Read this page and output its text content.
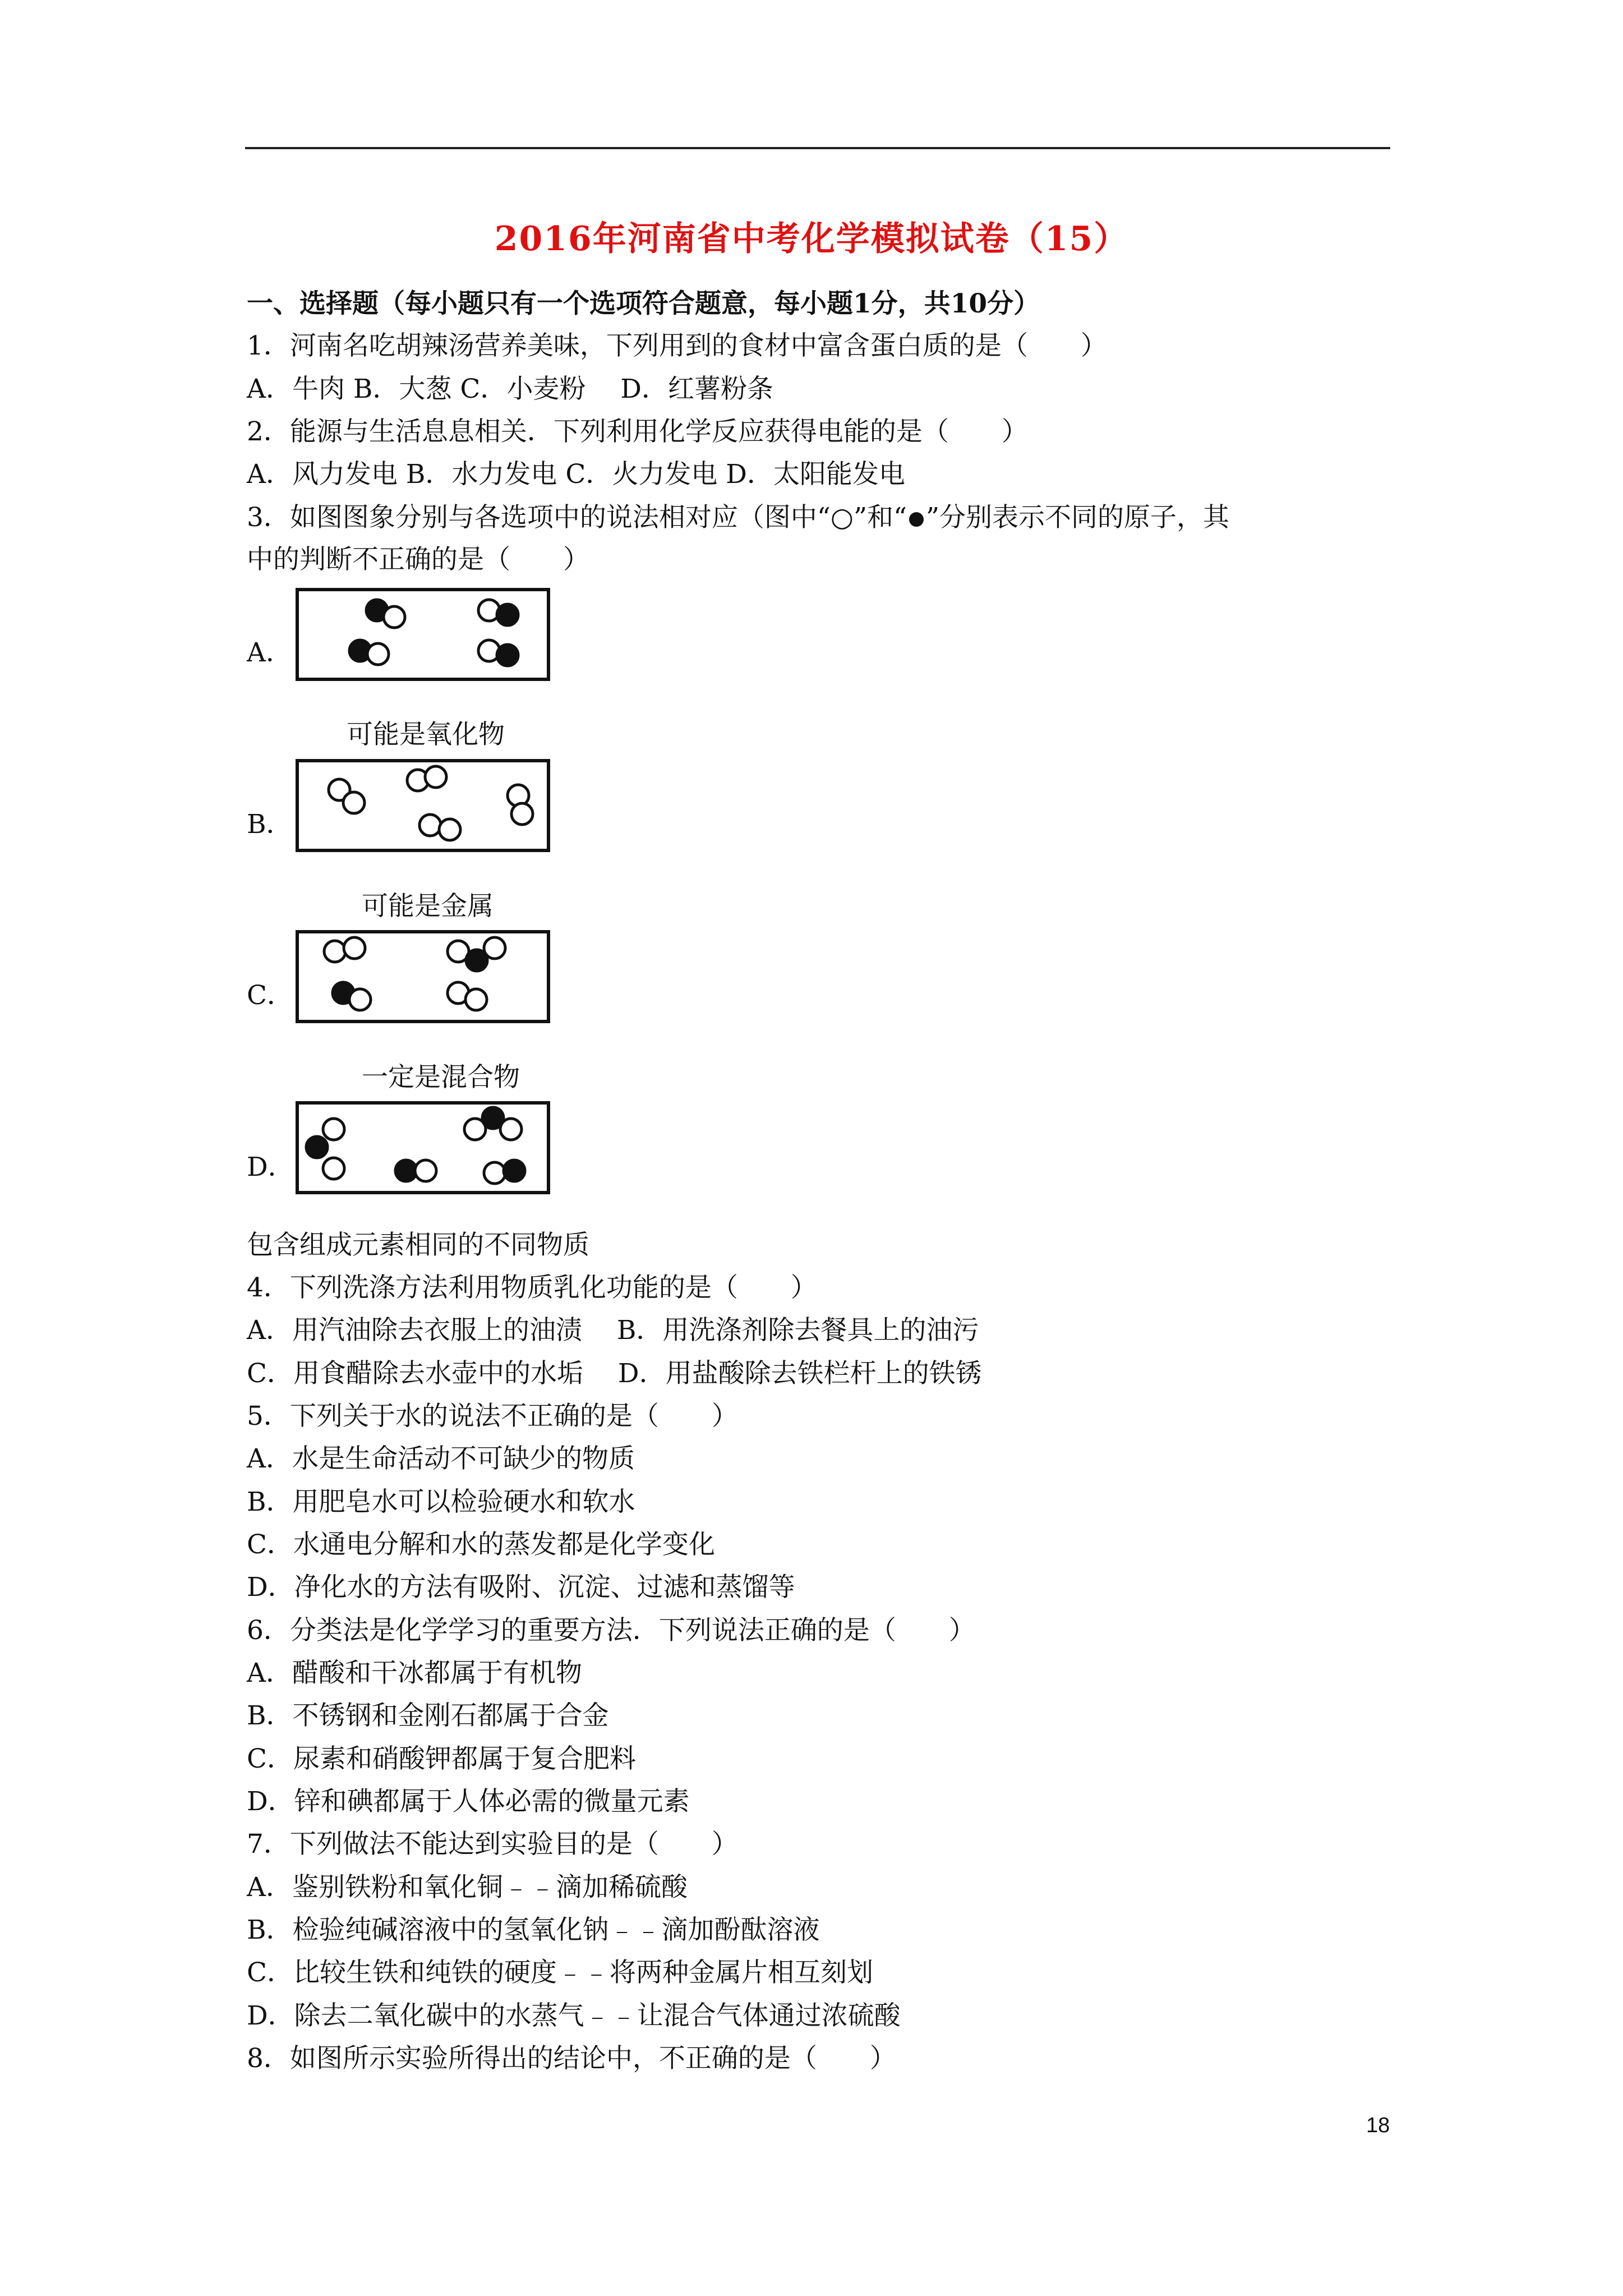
2016年河南省中考化学模拟试卷（15）
一、选择题（每小题只有一个选项符合题意，每小题1分，共10分）
1．河南名吃胡辣汤营养美味，下列用到的食材中富含蛋白质的是（　　）
A．牛肉 B．大葱 C．小麦粉　 D．红薯粉条
2．能源与生活息息相关．下列利用化学反应获得电能的是（　　）
A．风力发电 B．水力发电 C．火力发电 D．太阳能发电
3．如图图象分别与各选项中的说法相对应（图中“○”和“ ”分别表示不同的原子，其
中的判断不正确的是（　　）
A．
可能是氧化物
B．
可能是金属
C．
一定是混合物
D．
包含组成元素相同的不同物质
4．下列洗涤方法利用物质乳化功能的是（　　）
A．用汽油除去衣服上的油渍　 B．用洗涤剂除去餐具上的油污
C．用食醋除去水壶中的水垢　 D．用盐酸除去铁栏杆上的铁锈
5．下列关于水的说法不正确的是（　　）
A．水是生命活动不可缺少的物质
B．用肥皂水可以检验硬水和软水
C．水通电分解和水的蒸发都是化学变化
D．净化水的方法有吸附、沉淀、过滤和蒸馏等
6．分类法是化学学习的重要方法．下列说法正确的是（　　）
A．醋酸和干冰都属于有机物
B．不锈钢和金刚石都属于合金
C．尿素和硝酸钾都属于复合肥料
D．锌和碘都属于人体必需的微量元素
7．下列做法不能达到实验目的是（　　）
A．鉴别铁粉和氧化铜﹣﹣滴加稀硫酸
B．检验纯碱溶液中的氢氧化钠﹣﹣滴加酚酞溶液
C．比较生铁和纯铁的硬度﹣﹣将两种金属片相互刻划
D．除去二氧化碳中的水蒸气﹣﹣让混合气体通过浓硫酸
8．如图所示实验所得出的结论中，不正确的是（　　）
18
